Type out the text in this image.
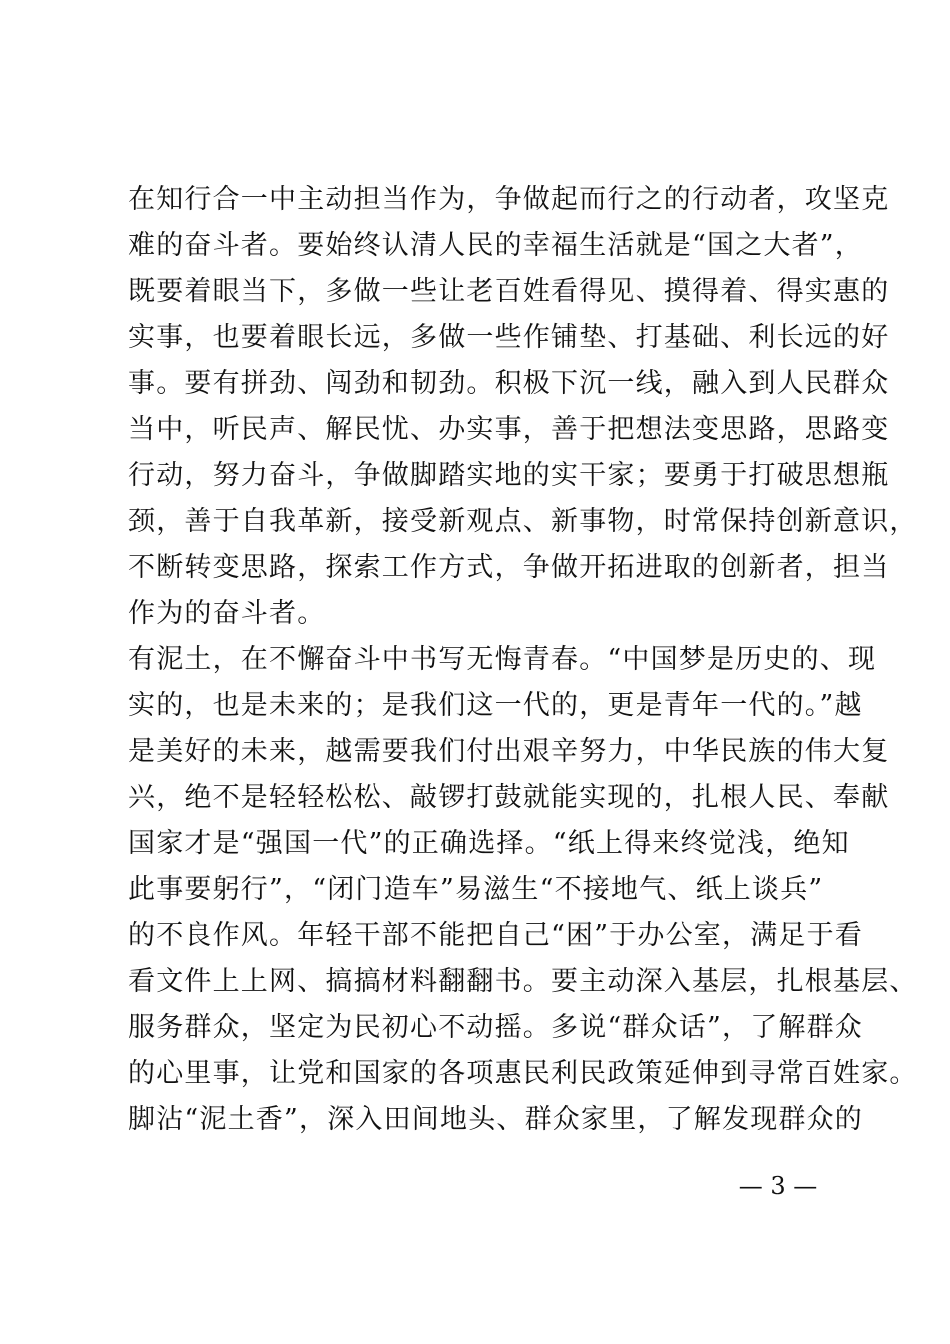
在知行合一中主动担当作为，争做起而行之的行动者，攻坚克
难的奋斗者。要始终认清人民的幸福生活就是“国之大者”，
既要着眼当下，多做一些让老百姓看得见、摸得着、得实惠的
实事，也要着眼长远，多做一些作铺垫、打基础、利长远的好
事。要有拼劲、闯劲和韧劲。积极下沉一线，融入到人民群众
当中，听民声、解民忧、办实事，善于把想法变思路，思路变
行动，努力奋斗，争做脚踏实地的实干家；要勇于打破思想瓶
颈，善于自我革新，接受新观点、新事物，时常保持创新意识，
不断转变思路，探索工作方式，争做开拓进取的创新者，担当
作为的奋斗者。
有泥土，在不懈奋斗中书写无悔青春。“中国梦是历史的、现
实的，也是未来的；是我们这一代的，更是青年一代的。”越
是美好的未来，越需要我们付出艰辛努力，中华民族的伟大复
兴，绝不是轻轻松松、敲锣打鼓就能实现的，扎根人民、奉献
国家才是“强国一代”的正确选择。“纸上得来终觉浅，绝知
此事要躬行”，“闭门造车”易滋生“不接地气、纸上谈兵”
的不良作风。年轻干部不能把自己“困”于办公室，满足于看
看文件上上网、搞搞材料翻翻书。要主动深入基层，扎根基层、
服务群众，坚定为民初心不动摇。多说“群众话”，了解群众
的心里事，让党和国家的各项惠民利民政策延伸到寻常百姓家。
脚沾“泥土香”，深入田间地头、群众家里，了解发现群众的
— 3 —
